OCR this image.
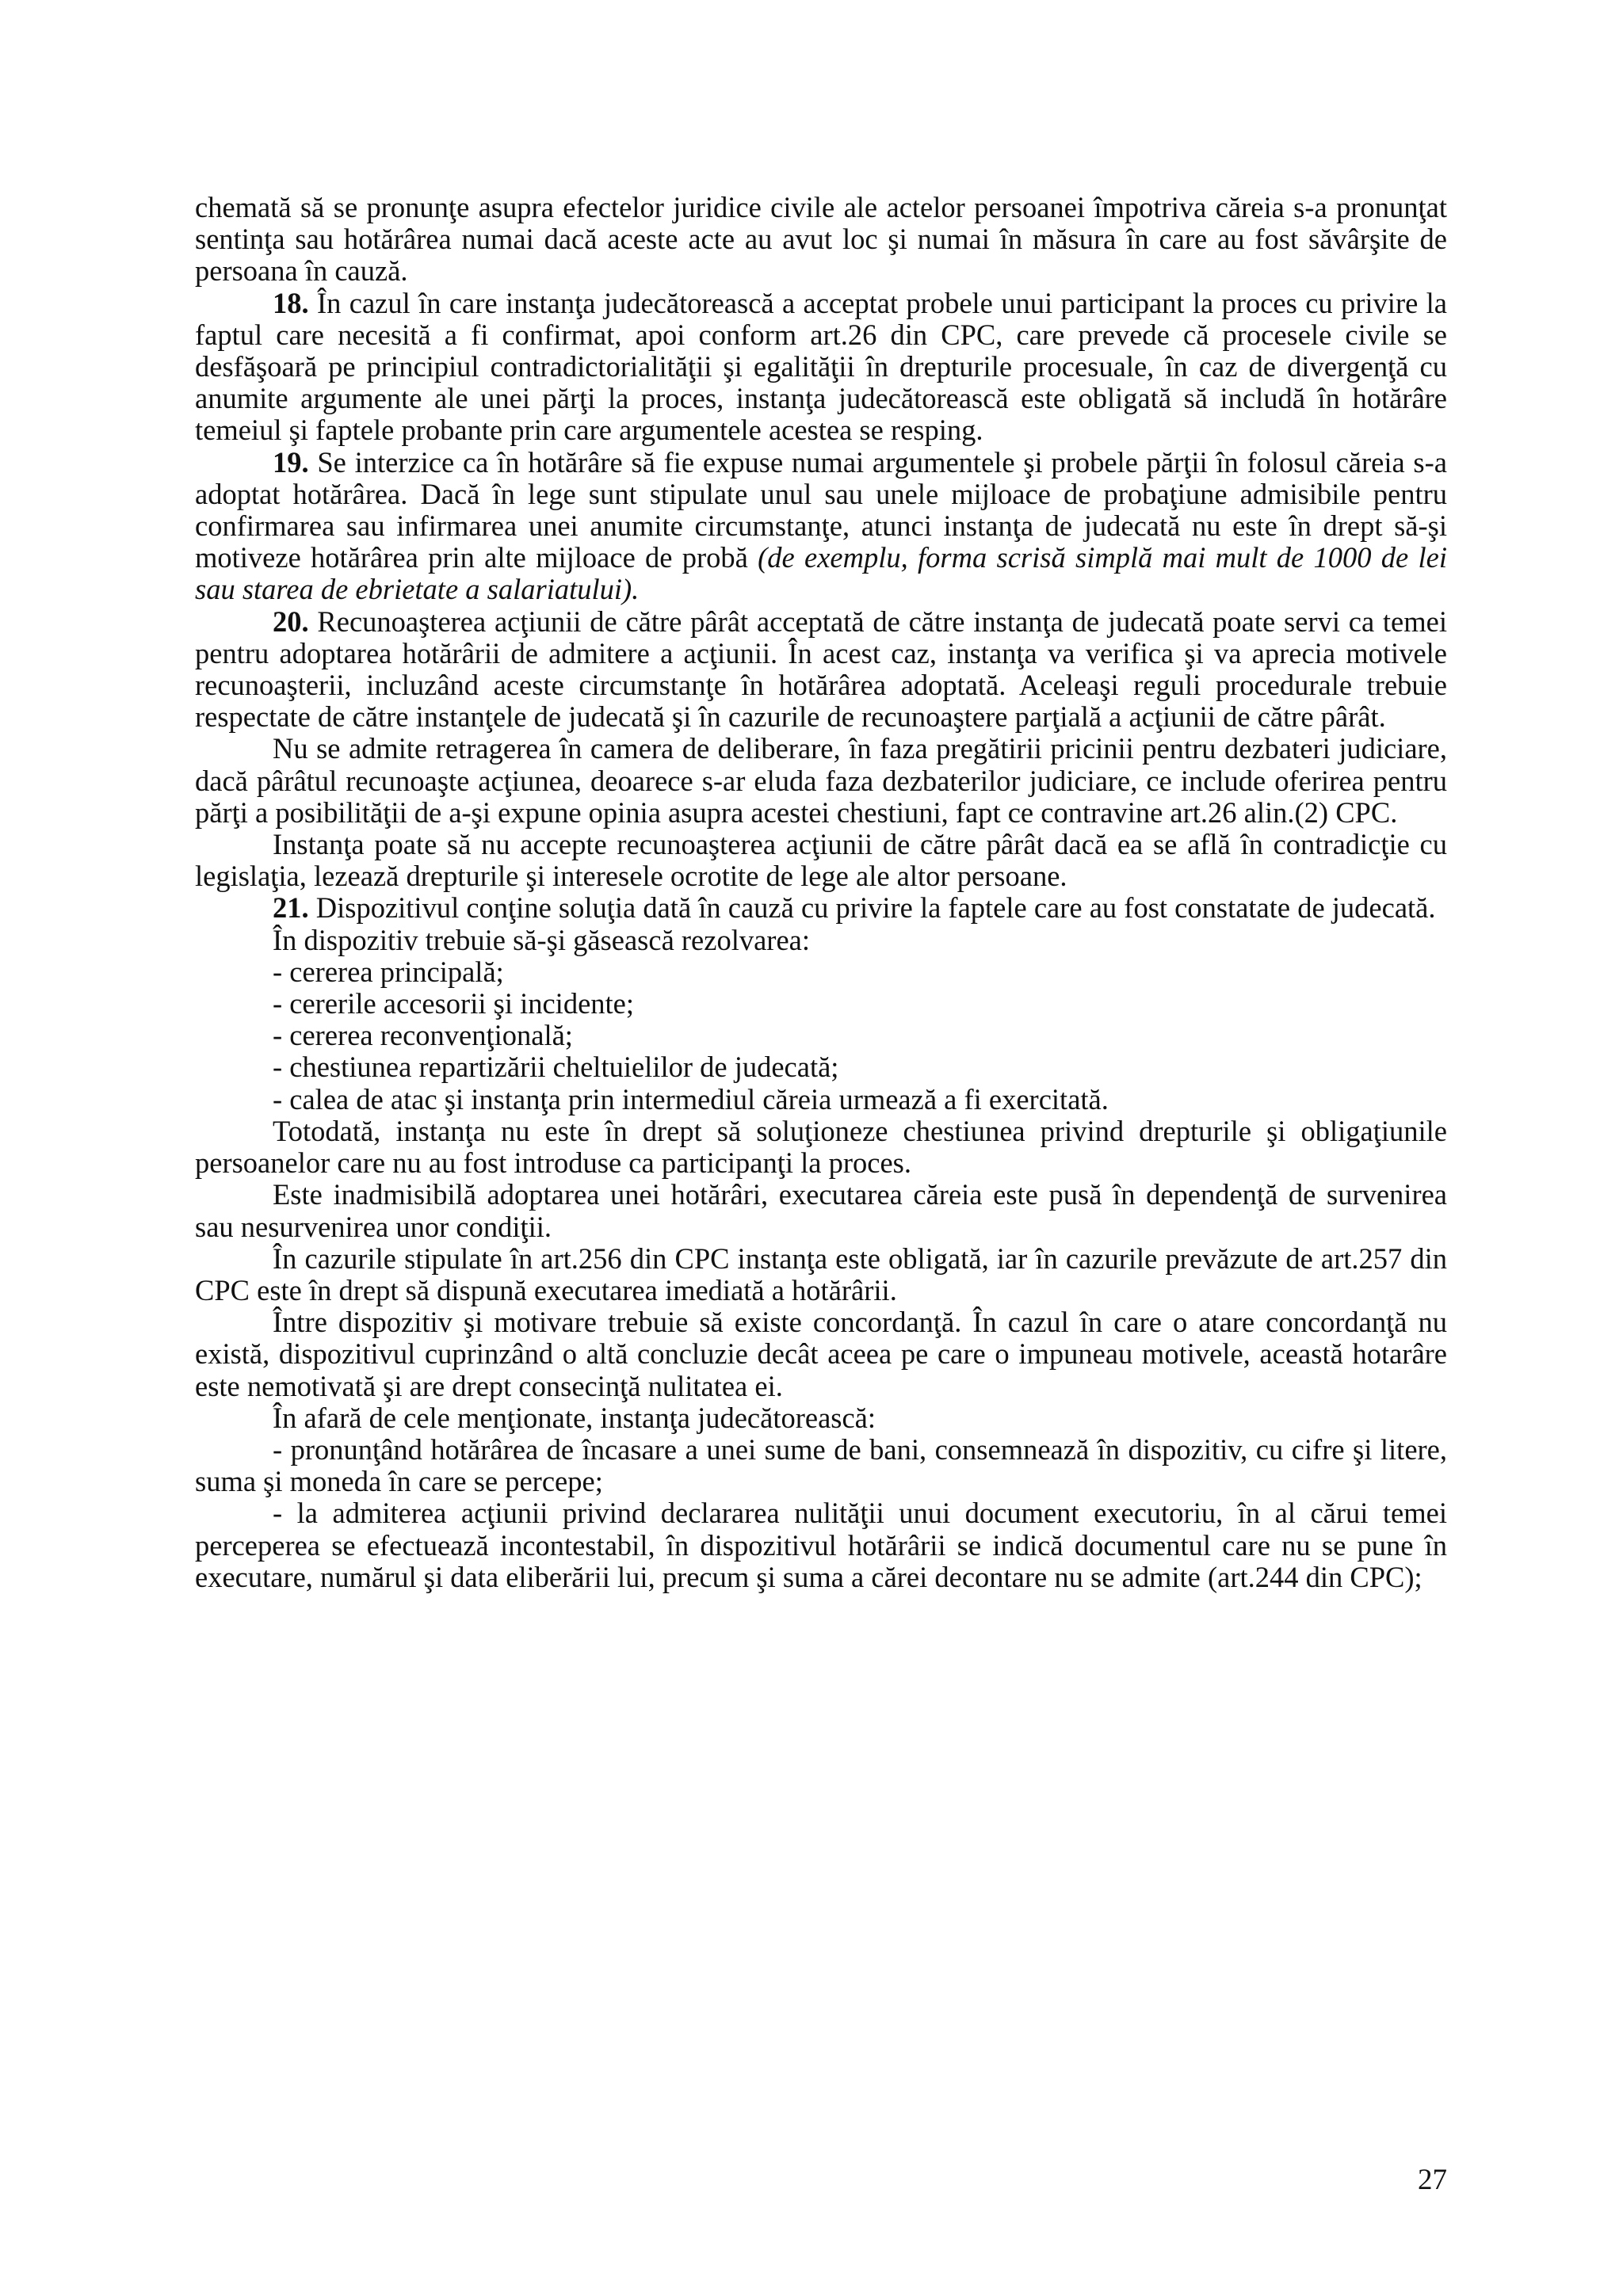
chemată să se pronunţe asupra efectelor juridice civile ale actelor persoanei împotriva căreia s-a pronunţat sentinţa sau hotărârea numai dacă aceste acte au avut loc şi numai în măsura în care au fost săvârşite de persoana în cauză.

18. În cazul în care instanţa judecătorească a acceptat probele unui participant la proces cu privire la faptul care necesită a fi confirmat, apoi conform art.26 din CPC, care prevede că procesele civile se desfăşoară pe principiul contradictorialităţii şi egalităţii în drepturile procesuale, în caz de divergenţă cu anumite argumente ale unei părţi la proces, instanţa judecătorească este obligată să includă în hotărâre temeiul şi faptele probante prin care argumentele acestea se resping.

19. Se interzice ca în hotărâre să fie expuse numai argumentele şi probele părţii în folosul căreia s-a adoptat hotărârea. Dacă în lege sunt stipulate unul sau unele mijloace de probaţiune admisibile pentru confirmarea sau infirmarea unei anumite circumstanţe, atunci instanţa de judecată nu este în drept să-şi motiveze hotărârea prin alte mijloace de probă (de exemplu, forma scrisă simplă mai mult de 1000 de lei sau starea de ebrietate a salariatului).

20. Recunoaşterea acţiunii de către pârât acceptată de către instanţa de judecată poate servi ca temei pentru adoptarea hotărârii de admitere a acţiunii. În acest caz, instanţa va verifica şi va aprecia motivele recunoaşterii, incluzând aceste circumstanţe în hotărârea adoptată. Aceleaşi reguli procedurale trebuie respectate de către instanţele de judecată şi în cazurile de recunoaştere parţială a acţiunii de către pârât.

Nu se admite retragerea în camera de deliberare, în faza pregătirii pricinii pentru dezbateri judiciare, dacă pârâtul recunoaşte acţiunea, deoarece s-ar eluda faza dezbaterilor judiciare, ce include oferirea pentru părţi a posibilităţii de a-şi expune opinia asupra acestei chestiuni, fapt ce contravine art.26 alin.(2) CPC.

Instanţa poate să nu accepte recunoaşterea acţiunii de către pârât dacă ea se află în contradicţie cu legislaţia, lezează drepturile şi interesele ocrotite de lege ale altor persoane.

21. Dispozitivul conţine soluţia dată în cauză cu privire la faptele care au fost constatate de judecată.

În dispozitiv trebuie să-şi găsească rezolvarea:

- cererea principală;

- cererile accesorii şi incidente;

- cererea reconvenţională;

- chestiunea repartizării cheltuielilor de judecată;

- calea de atac şi instanţa prin intermediul căreia urmează a fi exercitată.

Totodată, instanţa nu este în drept să soluţioneze chestiunea privind drepturile şi obligaţiunile persoanelor care nu au fost introduse ca participanţi la proces.

Este inadmisibilă adoptarea unei hotărâri, executarea căreia este pusă în dependenţă de survenirea sau nesurvenirea unor condiţii.

În cazurile stipulate în art.256 din CPC instanţa este obligată, iar în cazurile prevăzute de art.257 din CPC este în drept să dispună executarea imediată a hotărârii.

Între dispozitiv şi motivare trebuie să existe concordanţă. În cazul în care o atare concordanţă nu există, dispozitivul cuprinzând o altă concluzie decât aceea pe care o impuneau motivele, această hotarâre este nemotivată şi are drept consecinţă nulitatea ei.

În afară de cele menţionate, instanţa judecătorească:

- pronunţând hotărârea de încasare a unei sume de bani, consemnează în dispozitiv, cu cifre şi litere, suma şi moneda în care se percepe;

- la admiterea acţiunii privind declararea nulităţii unui document executoriu, în al cărui temei perceperea se efectuează incontestabil, în dispozitivul hotărârii se indică documentul care nu se pune în executare, numărul şi data eliberării lui, precum şi suma a cărei decontare nu se admite (art.244 din CPC);

27
